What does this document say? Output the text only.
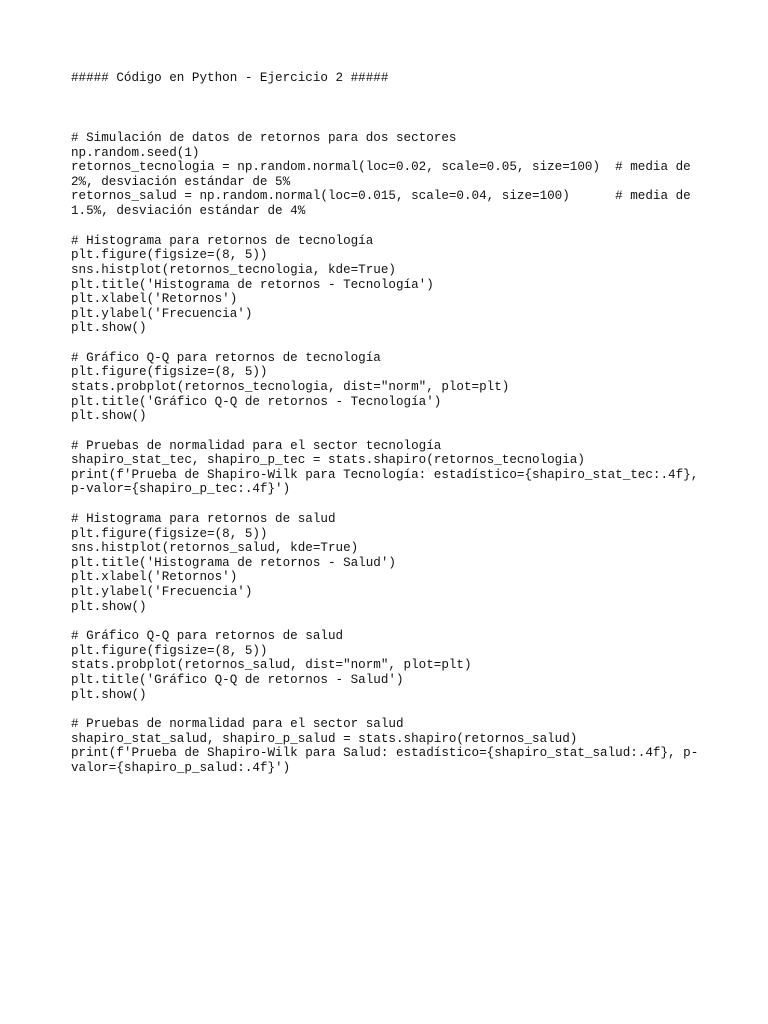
##### Código en Python - Ejercicio 2 #####

# Simulación de datos de retornos para dos sectores

np.random.seed(1)

retornos_tecnologia = np.random.normal(loc=0.02, scale=0.05, size=100)  # media de

2%, desviación estándar de 5%

retornos_salud = np.random.normal(loc=0.015, scale=0.04, size=100)      # media de

1.5%, desviación estándar de 4%

# Histograma para retornos de tecnología

plt.figure(figsize=(8, 5))

sns.histplot(retornos_tecnologia, kde=True)

plt.title('Histograma de retornos - Tecnología')

plt.xlabel('Retornos')

plt.ylabel('Frecuencia')

plt.show()

# Gráfico Q-Q para retornos de tecnología

plt.figure(figsize=(8, 5))

stats.probplot(retornos_tecnologia, dist="norm", plot=plt)

plt.title('Gráfico Q-Q de retornos - Tecnología')

plt.show()

# Pruebas de normalidad para el sector tecnología

shapiro_stat_tec, shapiro_p_tec = stats.shapiro(retornos_tecnologia)

print(f'Prueba de Shapiro-Wilk para Tecnología: estadístico={shapiro_stat_tec:.4f},

p-valor={shapiro_p_tec:.4f}')

# Histograma para retornos de salud

plt.figure(figsize=(8, 5))

sns.histplot(retornos_salud, kde=True)

plt.title('Histograma de retornos - Salud')

plt.xlabel('Retornos')

plt.ylabel('Frecuencia')

plt.show()

# Gráfico Q-Q para retornos de salud

plt.figure(figsize=(8, 5))

stats.probplot(retornos_salud, dist="norm", plot=plt)

plt.title('Gráfico Q-Q de retornos - Salud')

plt.show()

# Pruebas de normalidad para el sector salud

shapiro_stat_salud, shapiro_p_salud = stats.shapiro(retornos_salud)

print(f'Prueba de Shapiro-Wilk para Salud: estadístico={shapiro_stat_salud:.4f}, p-

valor={shapiro_p_salud:.4f}')
